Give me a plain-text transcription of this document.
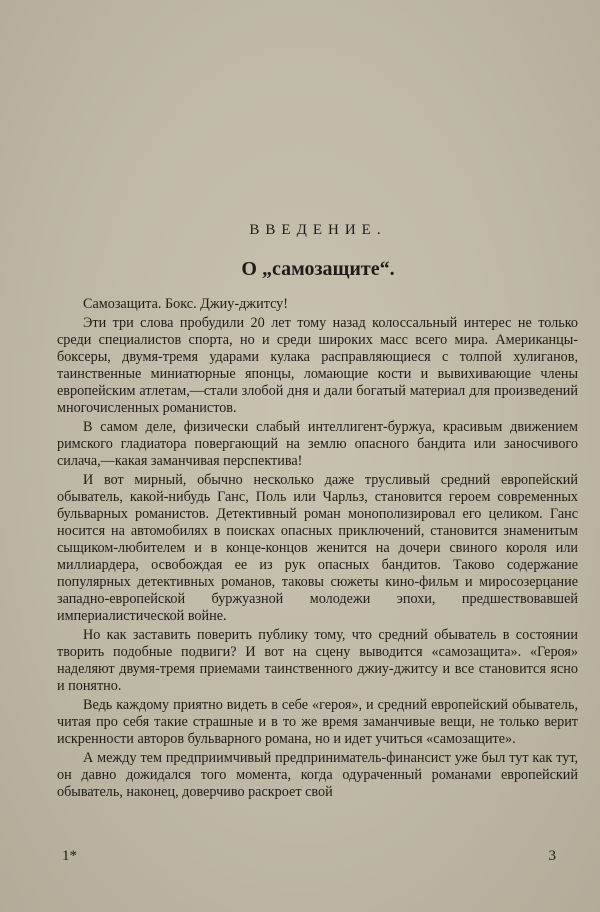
ВВЕДЕНИЕ.
О „самозащите“.

Самозащита. Бокс. Джиу-джитсу!

Эти три слова пробудили 20 лет тому назад колоссальный интерес не только среди специалистов спорта, но и среди широких масс всего мира. Американцы-боксеры, двумя-тремя ударами кулака расправляющиеся с толпой хулиганов, таинственные миниатюрные японцы, ломающие кости и вывихивающие члены европейским атлетам,—стали злобой дня и дали богатый материал для произведений многочисленных романистов.

В самом деле, физически слабый интеллигент-буржуа, красивым движением римского гладиатора повергающий на землю опасного бандита или заносчивого силача,—какая заманчивая перспектива!

И вот мирный, обычно несколько даже трусливый средний европейский обыватель, какой-нибудь Ганс, Поль или Чарльз, становится героем современных бульварных романистов. Детективный роман монополизировал его целиком. Ганс носится на автомобилях в поисках опасных приключений, становится знаменитым сыщиком-любителем и в конце-концов женится на дочери свиного короля или миллиардера, освобождая ее из рук опасных бандитов. Таково содержание популярных детективных романов, таковы сюжеты кино-фильм и миросозерцание западно-европейской буржуазной молодежи эпохи, предшествовавшей империалистической войне.

Но как заставить поверить публику тому, что средний обыватель в состоянии творить подобные подвиги? И вот на сцену выводится «самозащита». «Героя» наделяют двумя-тремя приемами таинственного джиу-джитсу и все становится ясно и понятно.

Ведь каждому приятно видеть в себе «героя», и средний европейский обыватель, читая про себя такие страшные и в то же время заманчивые вещи, не только верит искренности авторов бульварного романа, но и идет учиться «самозащите».

А между тем предприимчивый предприниматель-финансист уже был тут как тут, он давно дожидался того момента, когда одураченный романами европейский обыватель, наконец, доверчиво раскроет свой

1*	3
